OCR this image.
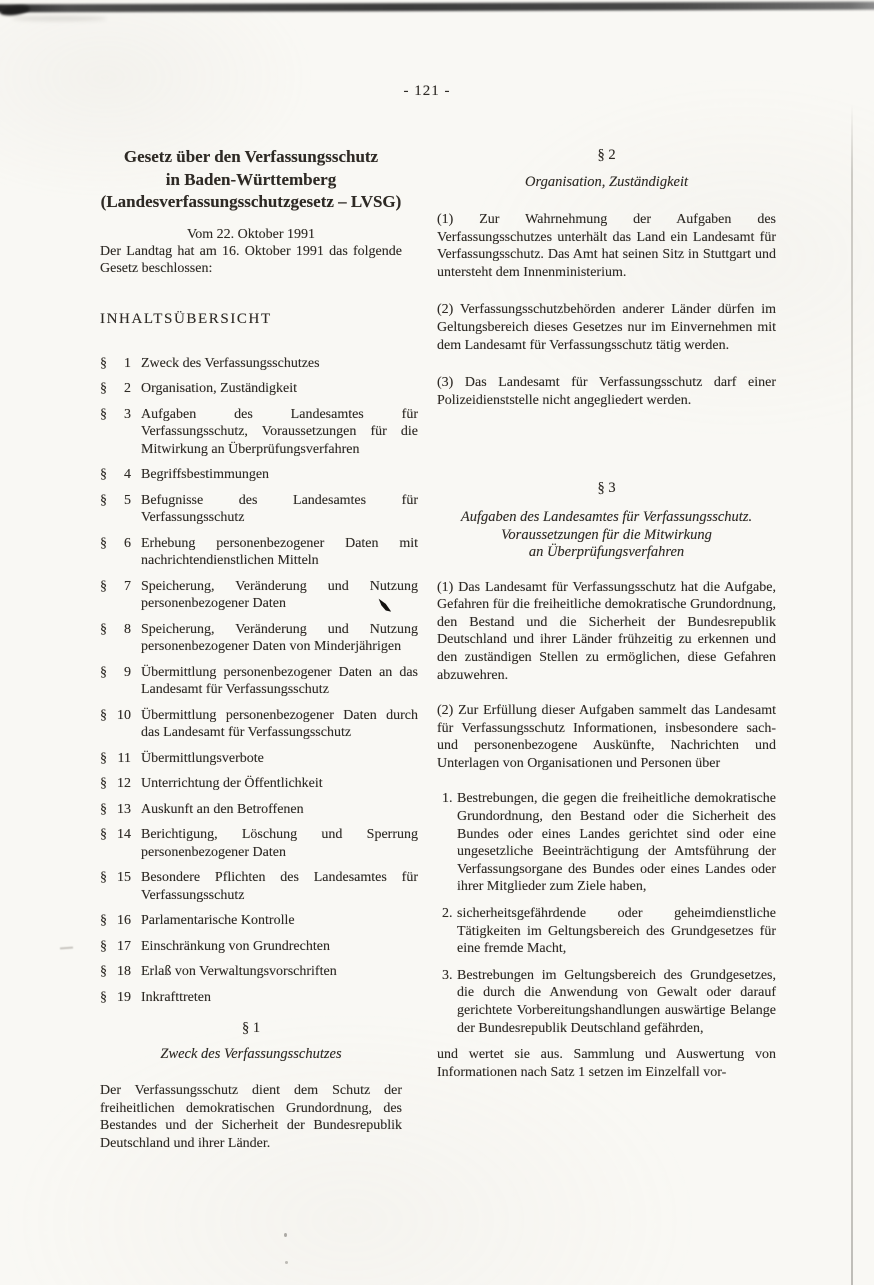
- 121 -
Gesetz über den Verfassungsschutz
in Baden-Württemberg
(Landesverfassungsschutzgesetz – LVSG)
Vom 22. Oktober 1991

Der Landtag hat am 16. Oktober 1991 das folgende Gesetz beschlossen:

INHALTSÜBERSICHT
§	1 Zweck des Verfassungsschutzes
§	2 Organisation, Zuständigkeit
§	3 Aufgaben des Landesamtes für Verfassungsschutz, Voraussetzungen für die Mitwirkung an Überprüfungsverfahren
§	4 Begriffsbestimmungen
§	5 Befugnisse des Landesamtes für Verfassungsschutz
§	6 Erhebung personenbezogener Daten mit nachrichtendienstlichen Mitteln
§	7 Speicherung, Veränderung und Nutzung personenbezogener Daten
§	8 Speicherung, Veränderung und Nutzung personenbezogener Daten von Minderjährigen
§	9 Übermittlung personenbezogener Daten an das Landesamt für Verfassungsschutz
§ 10 Übermittlung personenbezogener Daten durch das Landesamt für Verfassungsschutz
§ 11 Übermittlungsverbote
§ 12 Unterrichtung der Öffentlichkeit
§ 13 Auskunft an den Betroffenen
§ 14 Berichtigung, Löschung und Sperrung personenbezogener Daten
§ 15 Besondere Pflichten des Landesamtes für Verfassungsschutz
§ 16 Parlamentarische Kontrolle
§ 17 Einschränkung von Grundrechten
§ 18 Erlaß von Verwaltungsvorschriften
§ 19 Inkrafttreten
§ 1
Zweck des Verfassungsschutzes

Der Verfassungsschutz dient dem Schutz der freiheitlichen demokratischen Grundordnung, des Bestandes und der Sicherheit der Bundesrepublik Deutschland und ihrer Länder.

§ 2
Organisation, Zuständigkeit

(1) Zur Wahrnehmung der Aufgaben des Verfassungsschutzes unterhält das Land ein Landesamt für Verfassungsschutz. Das Amt hat seinen Sitz in Stuttgart und untersteht dem Innenministerium.

(2) Verfassungsschutzbehörden anderer Länder dürfen im Geltungsbereich dieses Gesetzes nur im Einvernehmen mit dem Landesamt für Verfassungsschutz tätig werden.

(3) Das Landesamt für Verfassungsschutz darf einer Polizeidienststelle nicht angegliedert werden.

§ 3
Aufgaben des Landesamtes für Verfassungsschutz.
Voraussetzungen für die Mitwirkung
an Überprüfungsverfahren

(1) Das Landesamt für Verfassungsschutz hat die Aufgabe, Gefahren für die freiheitliche demokratische Grundordnung, den Bestand und die Sicherheit der Bundesrepublik Deutschland und ihrer Länder frühzeitig zu erkennen und den zuständigen Stellen zu ermöglichen, diese Gefahren abzuwehren.

(2) Zur Erfüllung dieser Aufgaben sammelt das Landesamt für Verfassungsschutz Informationen, insbesondere sach- und personenbezogene Auskünfte, Nachrichten und Unterlagen von Organisationen und Personen über

1. Bestrebungen, die gegen die freiheitliche demokratische Grundordnung, den Bestand oder die Sicherheit des Bundes oder eines Landes gerichtet sind oder eine ungesetzliche Beeinträchtigung der Amtsführung der Verfassungsorgane des Bundes oder eines Landes oder ihrer Mitglieder zum Ziele haben,
2. sicherheitsgefährdende oder geheimdienstliche Tätigkeiten im Geltungsbereich des Grundgesetzes für eine fremde Macht,
3. Bestrebungen im Geltungsbereich des Grundgesetzes, die durch die Anwendung von Gewalt oder darauf gerichtete Vorbereitungshandlungen auswärtige Belange der Bundesrepublik Deutschland gefährden,

und wertet sie aus. Sammlung und Auswertung von Informationen nach Satz 1 setzen im Einzelfall vor-
